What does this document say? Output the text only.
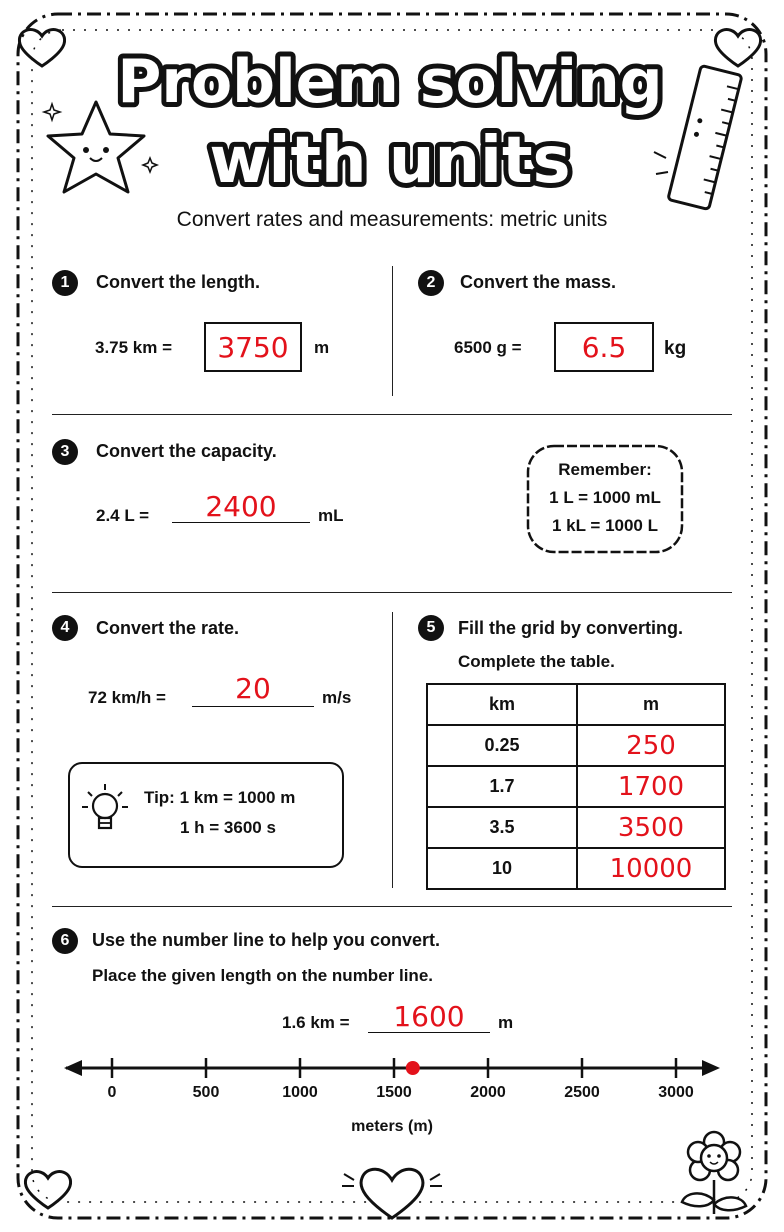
Problem solving
with units
Convert rates and measurements: metric units
1	Convert the length.
3.75 km = 3750 m
2	Convert the mass.
6500 g = 6.5 kg
3	Convert the capacity.
2.4 L =	2400	mL
Remember:
1 L = 1000 mL
1 kL = 1000 L
4	Convert the rate.
72 km/h =	20	m/s
Tip: 1 km = 1000 m
1 h = 3600 s
5	Fill the grid by converting.
Complete the table.
km	m
0.25	250
1.7	1700
3.5	3500
10	10000
6	Use the number line to help you convert.
Place the given length on the number line.
1.6 km =	1600	m
0	500	1000	1500	2000	2500	3000
meters (m)
